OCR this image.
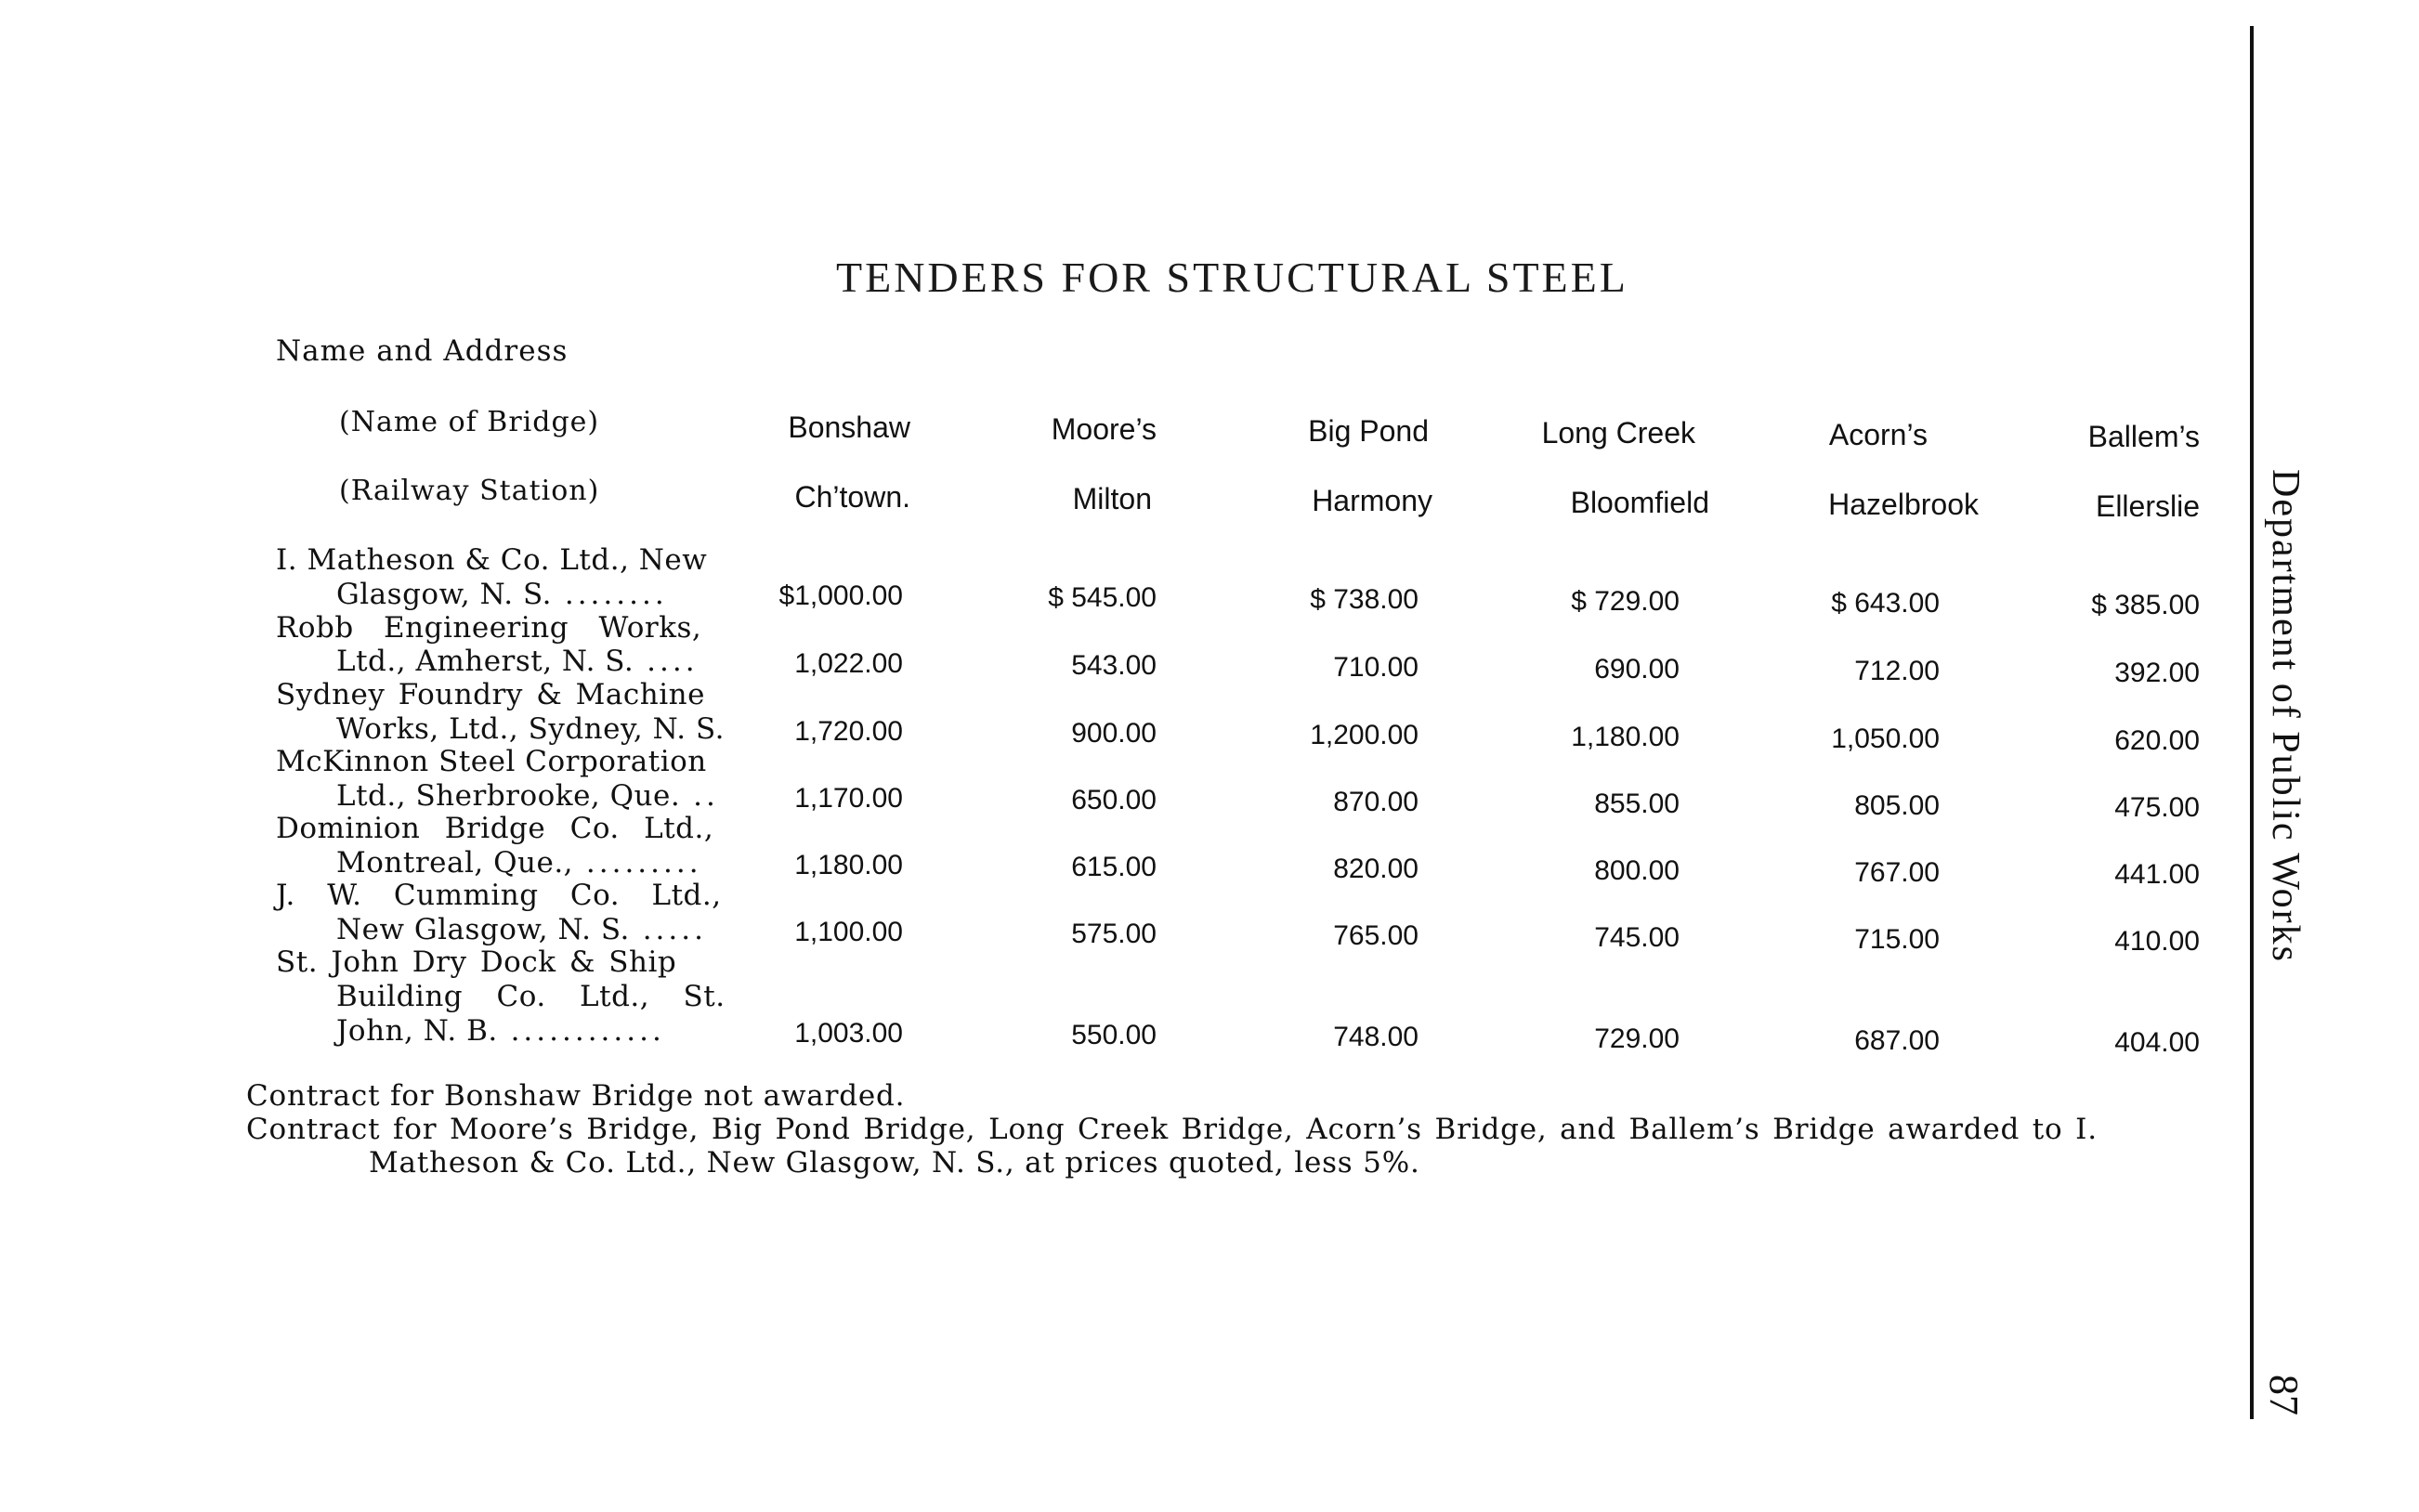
TENDERS FOR STRUCTURAL STEEL
Name and Address
(Name of Bridge)
(Railway Station)
Bonshaw	Moore’s	Big Pond	Long Creek	Acorn’s	Ballem’s
Ch’town.	Milton	Harmony	Bloomfield	Hazelbrook	Ellerslie
I. Matheson & Co. Ltd., New
Glasgow, N. S. ........	$1,000.00	$ 545.00	$ 738.00	$ 729.00	$ 643.00	$ 385.00
Robb Engineering Works,
Ltd., Amherst, N. S. ....	1,022.00	543.00	710.00	690.00	712.00	392.00
Sydney Foundry & Machine
Works, Ltd., Sydney, N. S.	1,720.00	900.00	1,200.00	1,180.00	1,050.00	620.00
McKinnon Steel Corporation
Ltd., Sherbrooke, Que. ..	1,170.00	650.00	870.00	855.00	805.00	475.00
Dominion Bridge Co. Ltd.,
Montreal, Que., .........	1,180.00	615.00	820.00	800.00	767.00	441.00
J. W. Cumming Co. Ltd.,
New Glasgow, N. S. .....	1,100.00	575.00	765.00	745.00	715.00	410.00
St. John Dry Dock & Ship
Building Co. Ltd., St.
John, N. B. ............	1,003.00	550.00	748.00	729.00	687.00	404.00
Contract for Bonshaw Bridge not awarded.
Contract for Moore’s Bridge, Big Pond Bridge, Long Creek Bridge, Acorn’s Bridge, and Ballem’s Bridge awarded to I.
Matheson & Co. Ltd., New Glasgow, N. S., at prices quoted, less 5%.
Department of Public Works
87
